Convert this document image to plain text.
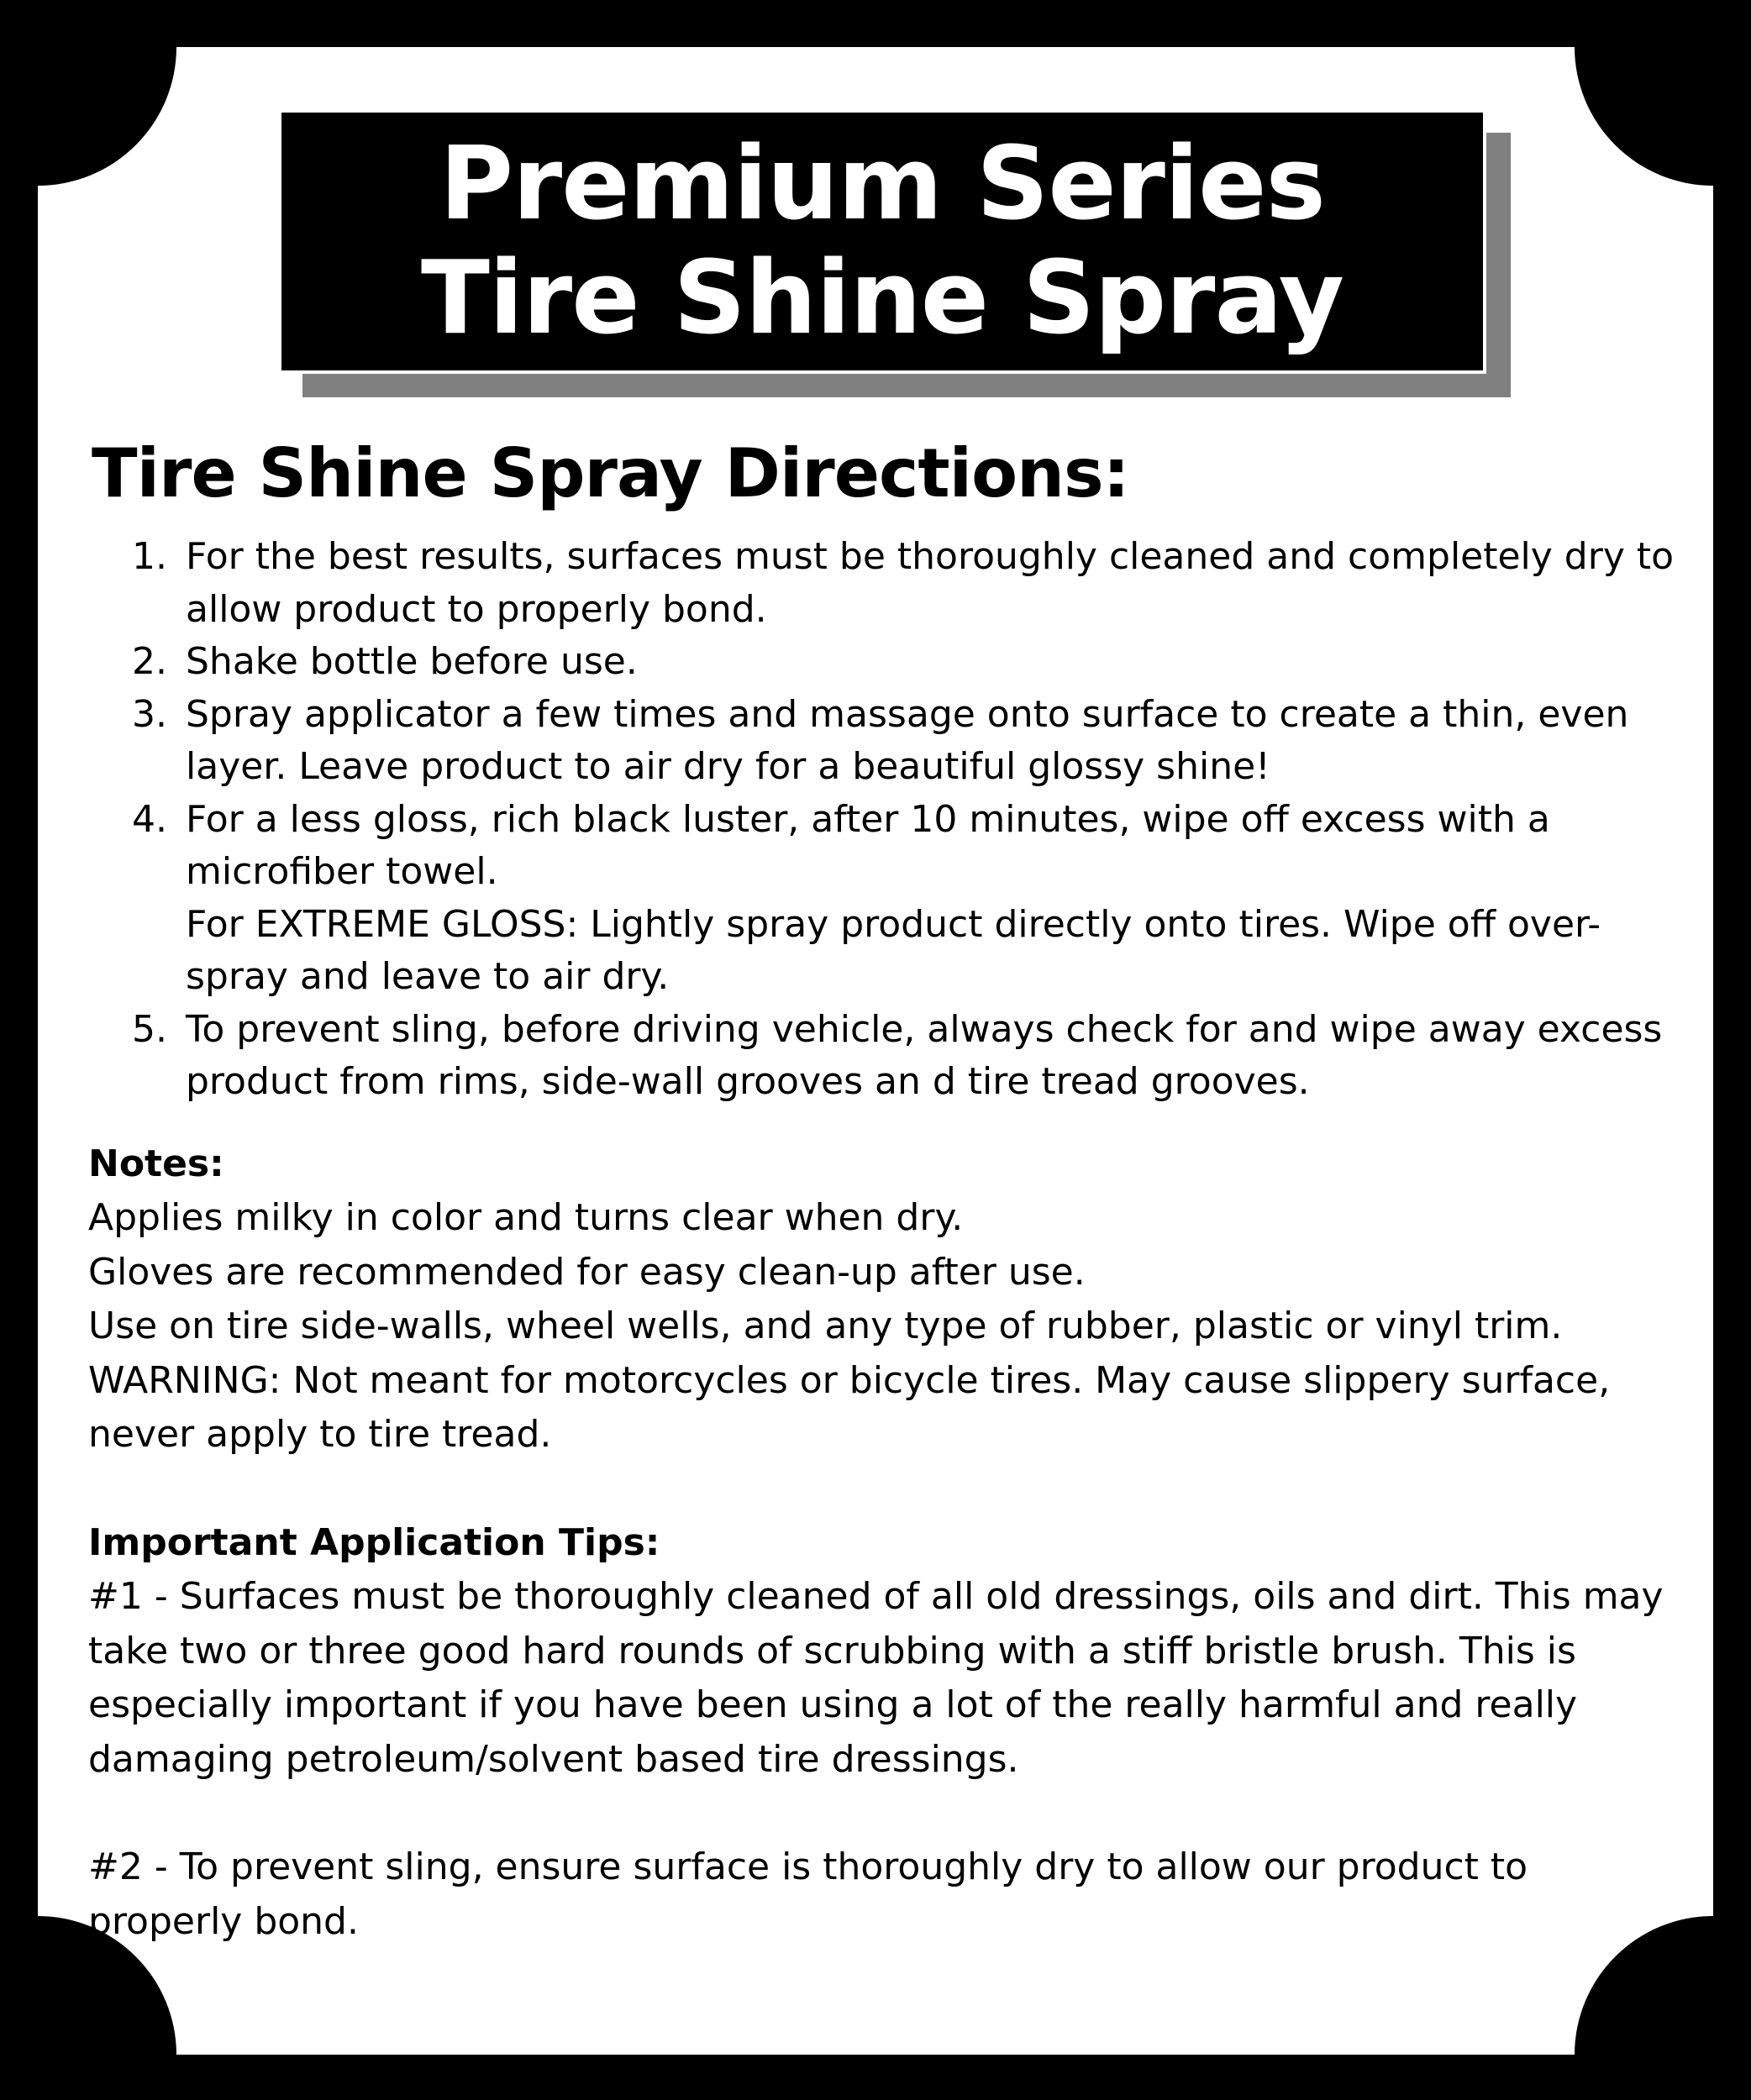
Premium Series
Tire Shine Spray
Tire Shine Spray Directions:
1. For the best results, surfaces must be thoroughly cleaned and completely dry to allow product to properly bond.
2. Shake bottle before use.
3. Spray applicator a few times and massage onto surface to create a thin, even layer. Leave product to air dry for a beautiful glossy shine!
4. For a less gloss, rich black luster, after 10 minutes, wipe off excess with a microfiber towel.
For EXTREME GLOSS: Lightly spray product directly onto tires. Wipe off over-spray and leave to air dry.
5. To prevent sling, before driving vehicle, always check for and wipe away excess product from rims, side-wall grooves an d tire tread grooves.
Notes:
Applies milky in color and turns clear when dry.
Gloves are recommended for easy clean-up after use.
Use on tire side-walls, wheel wells, and any type of rubber, plastic or vinyl trim.
WARNING: Not meant for motorcycles or bicycle tires. May cause slippery surface, never apply to tire tread.
Important Application Tips:
#1 - Surfaces must be thoroughly cleaned of all old dressings, oils and dirt. This may take two or three good hard rounds of scrubbing with a stiff bristle brush. This is especially important if you have been using a lot of the really harmful and really damaging petroleum/solvent based tire dressings.
#2 - To prevent sling, ensure surface is thoroughly dry to allow our product to properly bond.
